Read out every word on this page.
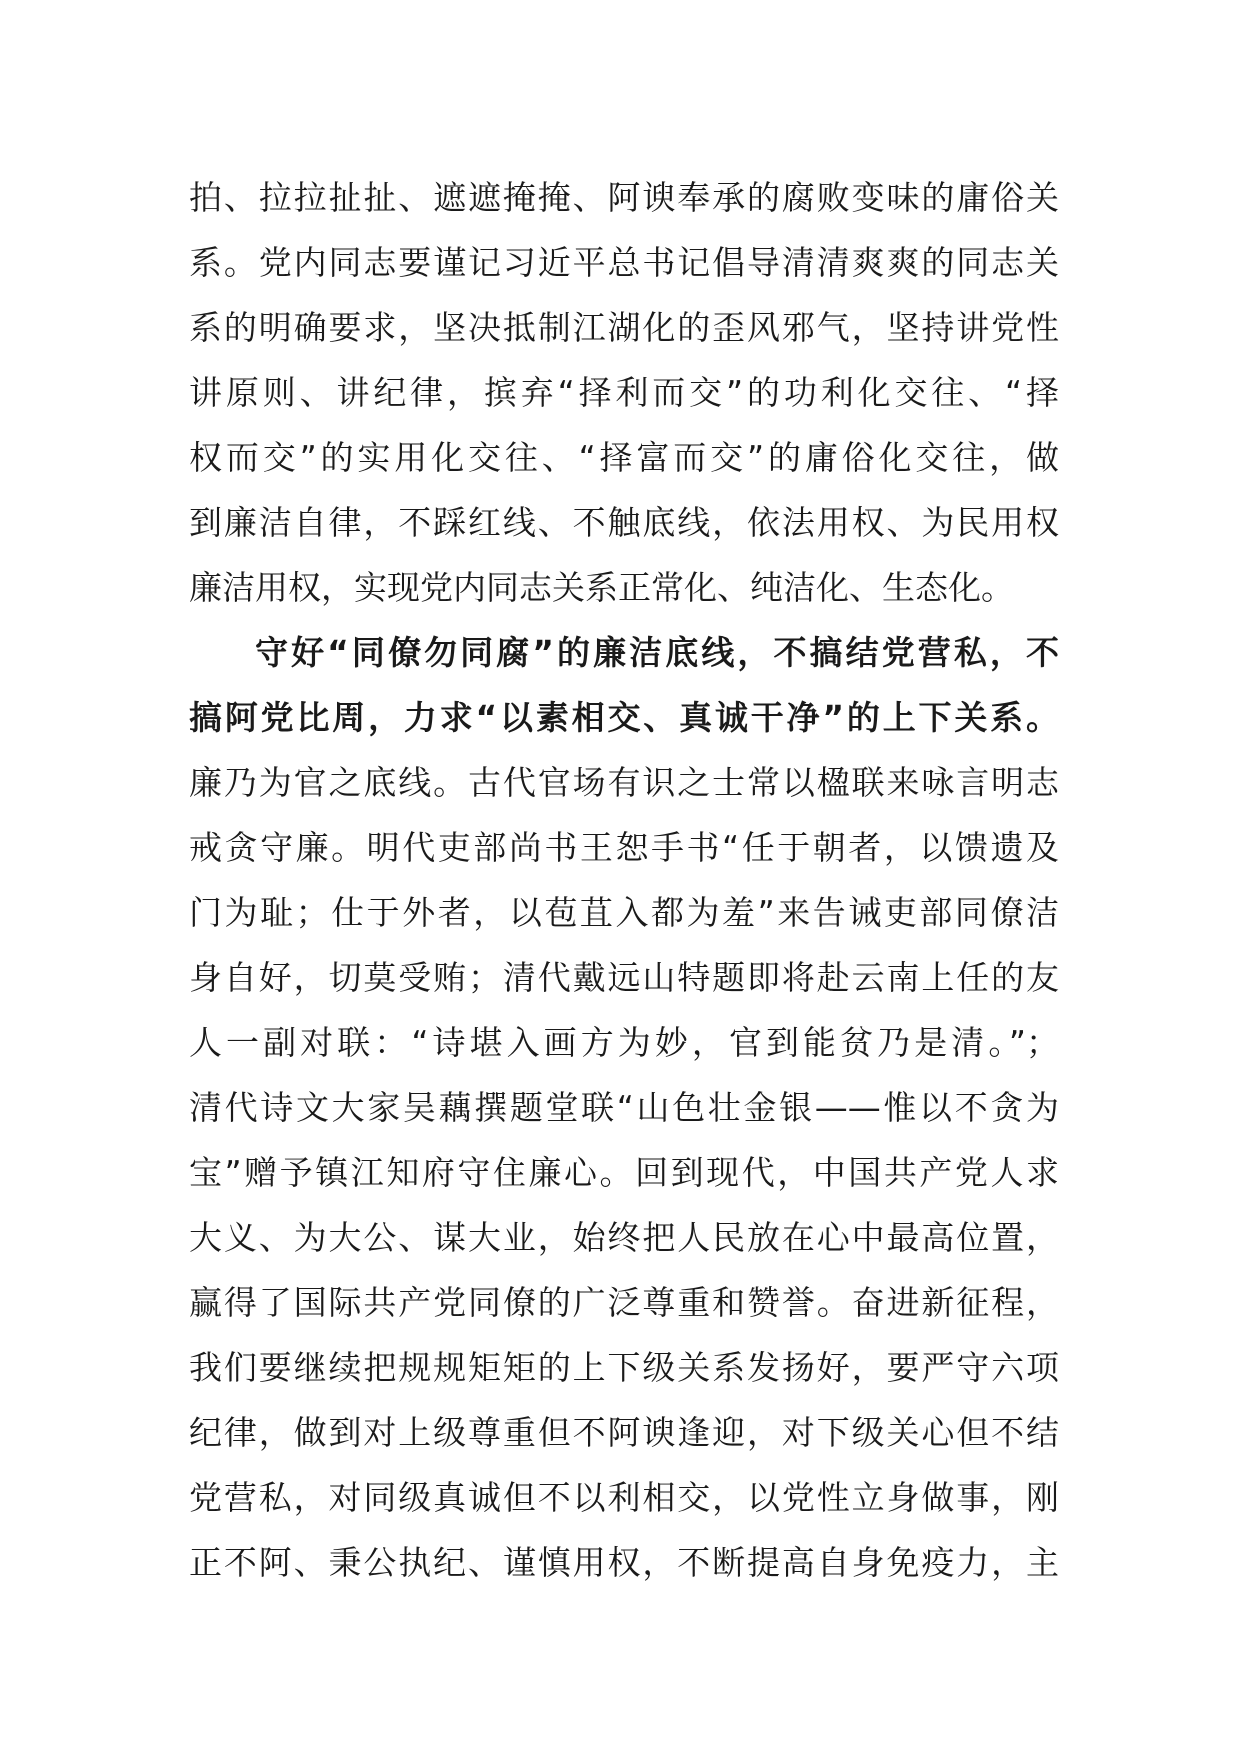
拍、拉拉扯扯、遮遮掩掩、阿谀奉承的腐败变味的庸俗关
系。党内同志要谨记习近平总书记倡导清清爽爽的同志关
系的明确要求，坚决抵制江湖化的歪风邪气，坚持讲党性
讲原则、讲纪律，摈弃“择利而交”的功利化交往、“择
权而交”的实用化交往、“择富而交”的庸俗化交往，做
到廉洁自律，不踩红线、不触底线，依法用权、为民用权
廉洁用权，实现党内同志关系正常化、纯洁化、生态化。
守好“同僚勿同腐”的廉洁底线，不搞结党营私，不
搞阿党比周，力求“以素相交、真诚干净”的上下关系。
廉乃为官之底线。古代官场有识之士常以楹联来咏言明志
戒贪守廉。明代吏部尚书王恕手书“任于朝者，以馈遗及
门为耻；仕于外者，以苞苴入都为羞”来告诫吏部同僚洁
身自好，切莫受贿；清代戴远山特题即将赴云南上任的友
人一副对联：“诗堪入画方为妙，官到能贫乃是清。”；
清代诗文大家吴藕撰题堂联“山色壮金银——惟以不贪为
宝”赠予镇江知府守住廉心。回到现代，中国共产党人求
大义、为大公、谋大业，始终把人民放在心中最高位置，
赢得了国际共产党同僚的广泛尊重和赞誉。奋进新征程，
我们要继续把规规矩矩的上下级关系发扬好，要严守六项
纪律，做到对上级尊重但不阿谀逢迎，对下级关心但不结
党营私，对同级真诚但不以利相交，以党性立身做事，刚
正不阿、秉公执纪、谨慎用权，不断提高自身免疫力，主
